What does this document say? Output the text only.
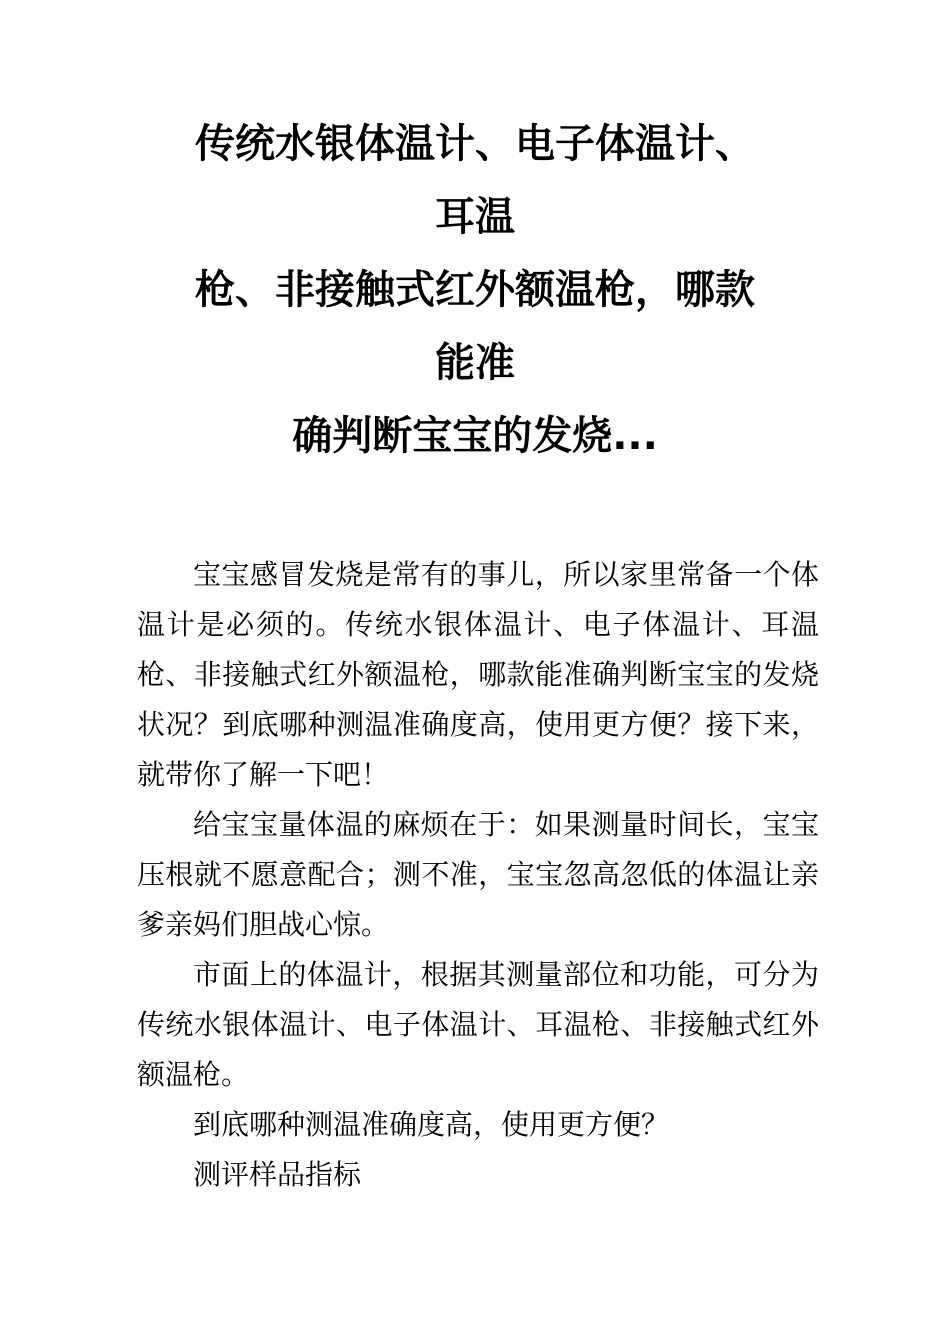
传统水银体温计、电子体温计、
耳温
枪、非接触式红外额温枪，哪款
能准
确判断宝宝的发烧...

宝宝感冒发烧是常有的事儿，所以家里常备一个体温计是必须的。传统水银体温计、电子体温计、耳温枪、非接触式红外额温枪，哪款能准确判断宝宝的发烧状况？到底哪种测温准确度高，使用更方便？接下来，就带你了解一下吧！

给宝宝量体温的麻烦在于：如果测量时间长，宝宝压根就不愿意配合；测不准，宝宝忽高忽低的体温让亲爹亲妈们胆战心惊。

市面上的体温计，根据其测量部位和功能，可分为传统水银体温计、电子体温计、耳温枪、非接触式红外额温枪。

到底哪种测温准确度高，使用更方便？

测评样品指标
